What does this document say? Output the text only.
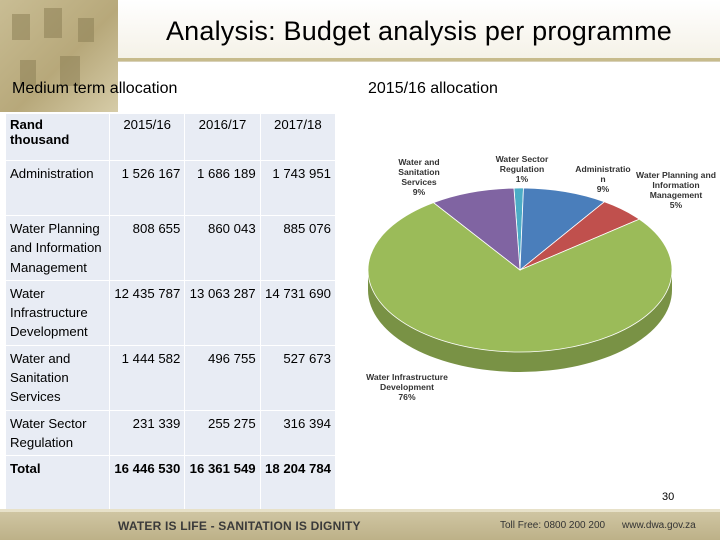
Analysis: Budget analysis per programme
Medium term allocation	2015/16 allocation
Rand thousand	2015/16	2016/17	2017/18
Administration	1 526 167	1 686 189	1 743 951
Water Planning and Information Management	808 655	860 043	885 076
Water Infrastructure Development	12 435 787	13 063 287	14 731 690
Water and Sanitation Services	1 444 582	496 755	527 673
Water Sector Regulation	231 339	255 275	316 394
Total	16 446 530	16 361 549	18 204 784
Water and Sanitation
Services
9%
Water Sector
Regulation
1%
Administratio
n
9%
Water Planning and
Information Management
5%
Water Infrastructure
Development
76%
30
WATER IS LIFE - SANITATION IS DIGNITY	Toll Free: 0800 200 200 www.dwa.gov.za
